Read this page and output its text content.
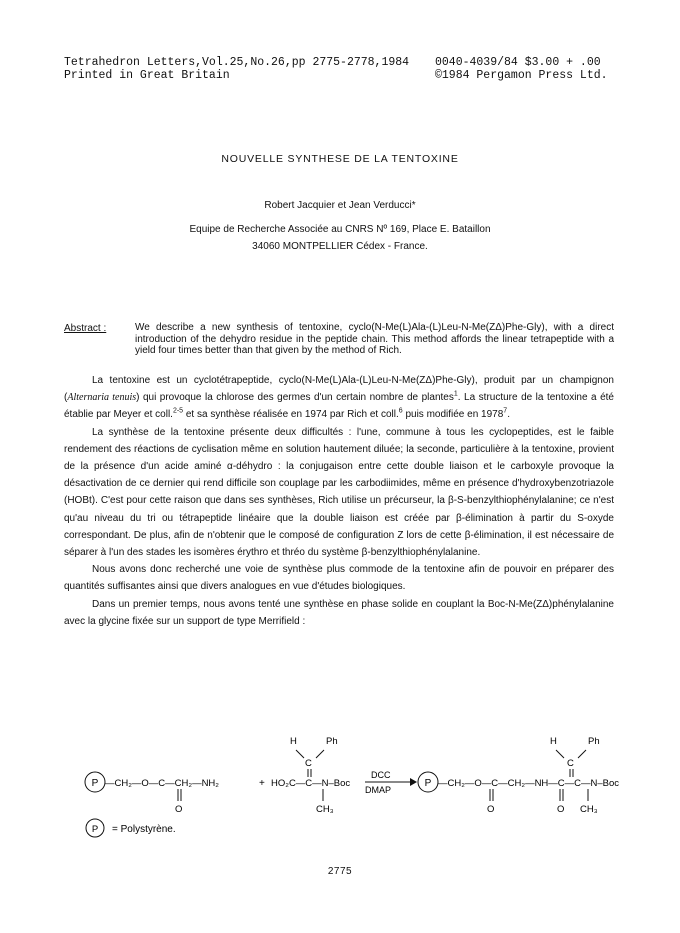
Tetrahedron Letters,Vol.25,No.26,pp 2775-2778,1984
Printed in Great Britain
0040-4039/84 $3.00 + .00
©1984 Pergamon Press Ltd.
NOUVELLE SYNTHESE DE LA TENTOXINE
Robert Jacquier et Jean Verducci*
Equipe de Recherche Associée au CNRS Nº 169, Place E. Bataillon
34060 MONTPELLIER Cédex - France.
Abstract :	We describe a new synthesis of tentoxine, cyclo(N-Me(L)Ala-(L)Leu-N-Me(ZΔ)Phe-Gly), with a direct introduction of the dehydro residue in the peptide chain. This method affords the linear tetrapeptide with a yield four times better than that given by the method of Rich.

La tentoxine est un cyclotétrapeptide, cyclo(N-Me(L)Ala-(L)Leu-N-Me(ZΔ)Phe-Gly), produit par un champignon (Alternaria tenuis) qui provoque la chlorose des germes d'un certain nombre de plantes$^1$. La structure de la tentoxine a été établie par Meyer et coll.$^{2-5}$ et sa synthèse réalisée en 1974 par Rich et coll.$^6$ puis modifiée en 1978$^7$.

La synthèse de la tentoxine présente deux difficultés : l'une, commune à tous les cyclopeptides, est le faible rendement des réactions de cyclisation même en solution hautement diluée; la seconde, particulière à la tentoxine, provient de la présence d'un acide aminé α-déhydro : la conjugaison entre cette double liaison et le carboxyle provoque la désactivation de ce dernier qui rend difficile son couplage par les carbodiimides, même en présence d'hydroxybenzotriazole (HOBt). C'est pour cette raison que dans ses synthèses, Rich utilise un précurseur, la β-S-benzylthiophénylalanine; ce n'est qu'au niveau du tri ou tétrapeptide linéaire que la double liaison est créée par β-élimination à partir du S-oxyde correspondant. De plus, afin de n'obtenir que le composé de configuration Z lors de cette β-élimination, il est nécessaire de séparer à l'un des stades les isomères érythro et thréo du système β-benzylthiophénylalanine.

Nous avons donc recherché une voie de synthèse plus commode de la tentoxine afin de pouvoir en préparer des quantités suffisantes ainsi que divers analogues en vue d'études biologiques.

Dans un premier temps, nous avons tenté une synthèse en phase solide en couplant la Boc-N-Me(ZΔ)phénylalanine avec la glycine fixée sur un support de type Merrifield :

P —CH₂—O—C—CH₂—NH₂
O
+ HO₂C—C—N–Boc
H	Ph
C
CH₃
DCC
DMAP
P —CH₂—O—C—CH₂—NH—C—C—N–Boc
O
H	Ph
C
O CH₃
P = Polystyrène.
2775
